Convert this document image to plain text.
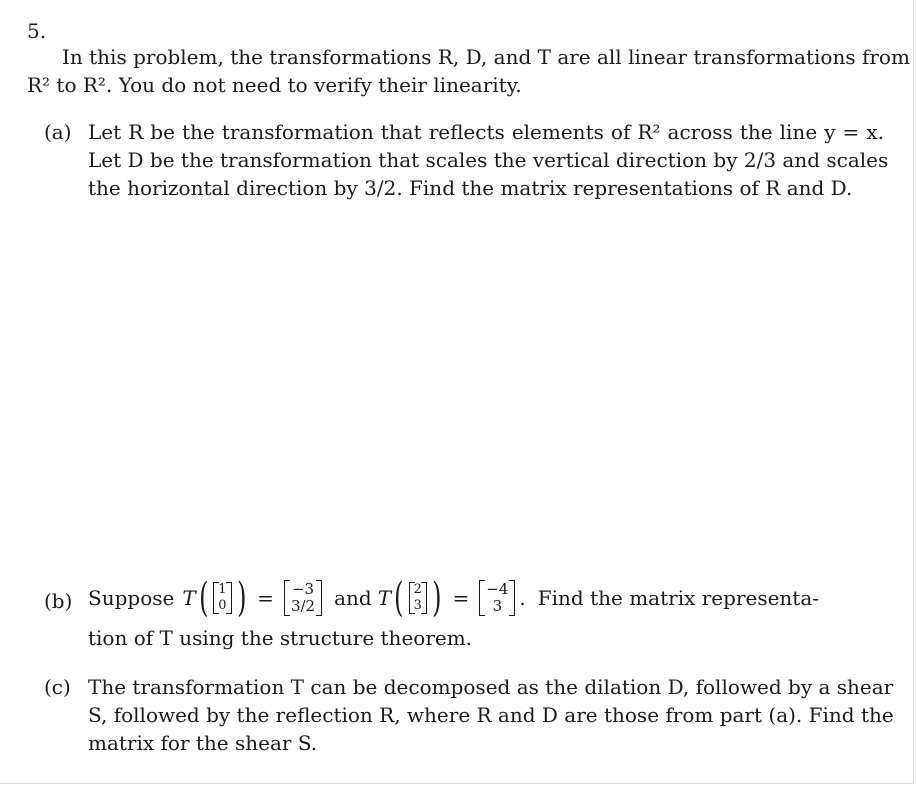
5.
In this problem, the transformations R, D, and T are all linear transformations from
R² to R². You do not need to verify their linearity.
(a) Let R be the transformation that reflects elements of R² across the line y = x.
Let D be the transformation that scales the vertical direction by 2/3 and scales
the horizontal direction by 3/2. Find the matrix representations of R and D.
(b) Suppose T ( 1
0 ) = −3
3/2 and T ( 2
3 ) = −4
3 . Find the matrix representa-
tion of T using the structure theorem.
(c) The transformation T can be decomposed as the dilation D, followed by a shear
S, followed by the reflection R, where R and D are those from part (a). Find the
matrix for the shear S.
